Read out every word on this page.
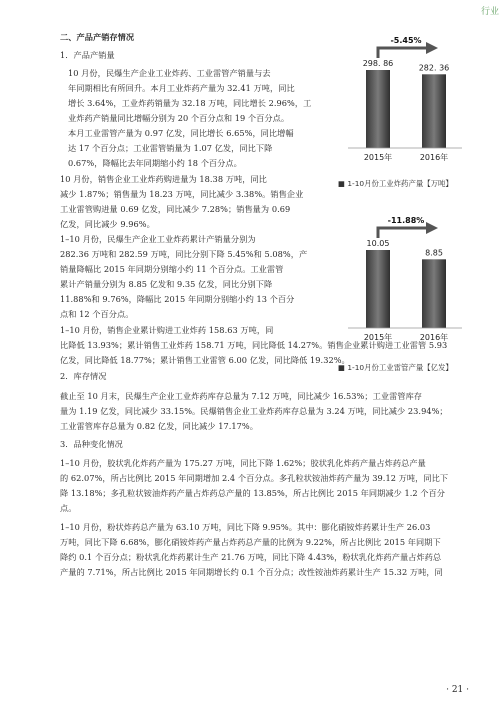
行业
二、产品产销存情况
1．产品产销量
10 月份，民爆生产企业工业炸药、工业雷管产销量与去
年同期相比有所回升。本月工业炸药产量为 32.41 万吨，同比
增长 3.64%，工业炸药销量为 32.18 万吨，同比增长 2.96%，工
业炸药产销量同比增幅分别为 20 个百分点和 19 个百分点。
本月工业雷管产量为 0.97 亿发，同比增长 6.65%，同比增幅
达 17 个百分点；工业雷管销量为 1.07 亿发，同比下降
0.67%，降幅比去年同期缩小约 18 个百分点。
10 月份，销售企业工业炸药购进量为 18.38 万吨，同比
减少 1.87%；销售量为 18.23 万吨，同比减少 3.38%。销售企业
工业雷管购进量 0.69 亿发，同比减少 7.28%；销售量为 0.69
亿发，同比减少 9.96%。
1–10 月份，民爆生产企业工业炸药累计产销量分别为
282.36 万吨和 282.59 万吨，同比分别下降 5.45%和 5.08%，产
销量降幅比 2015 年同期分别缩小约 11 个百分点。工业雷管
累计产销量分别为 8.85 亿发和 9.35 亿发，同比分别下降
11.88%和 9.76%，降幅比 2015 年同期分别缩小约 13 个百分
点和 12 个百分点。
1–10 月份，销售企业累计购进工业炸药 158.63 万吨，同
比降低 13.93%；累计销售工业炸药 158.71 万吨，同比降低 14.27%。销售企业累计购进工业雷管 5.93
亿发，同比降低 18.77%；累计销售工业雷管 6.00 亿发，同比降低 19.32%。
2．库存情况
截止至 10 月末，民爆生产企业工业炸药库存总量为 7.12 万吨，同比减少 16.53%；工业雷管库存
量为 1.19 亿发，同比减少 33.15%。民爆销售企业工业炸药库存总量为 3.24 万吨，同比减少 23.94%；
工业雷管库存总量为 0.82 亿发，同比减少 17.17%。
3．品种变化情况
1–10 月份，胶状乳化炸药产量为 175.27 万吨，同比下降 1.62%；胶状乳化炸药产量占炸药总产量
的 62.07%，所占比例比 2015 年同期增加 2.4 个百分点。多孔粒状铵油炸药产量为 39.12 万吨，同比下
降 13.18%；多孔粒状铵油炸药产量占炸药总产量的 13.85%，所占比例比 2015 年同期减少 1.2 个百分
点。
1–10 月份，粉状炸药总产量为 63.10 万吨，同比下降 9.95%。其中：膨化硝铵炸药累计生产 26.03
万吨，同比下降 6.68%，膨化硝铵炸药产量占炸药总产量的比例为 9.22%，所占比例比 2015 年同期下
降约 0.1 个百分点；粉状乳化炸药累计生产 21.76 万吨，同比下降 4.43%，粉状乳化炸药产量占炸药总
产量的 7.71%，所占比例比 2015 年同期增长约 0.1 个百分点；改性铵油炸药累计生产 15.32 万吨，同
298. 86
2015年
282. 36
2016年
-5.45%
■ 1-10月份工业炸药产量【万吨】
10.05
2015年
8.85
2016年
-11.88%
■ 1-10月份工业雷管产量【亿发】
· 21 ·
